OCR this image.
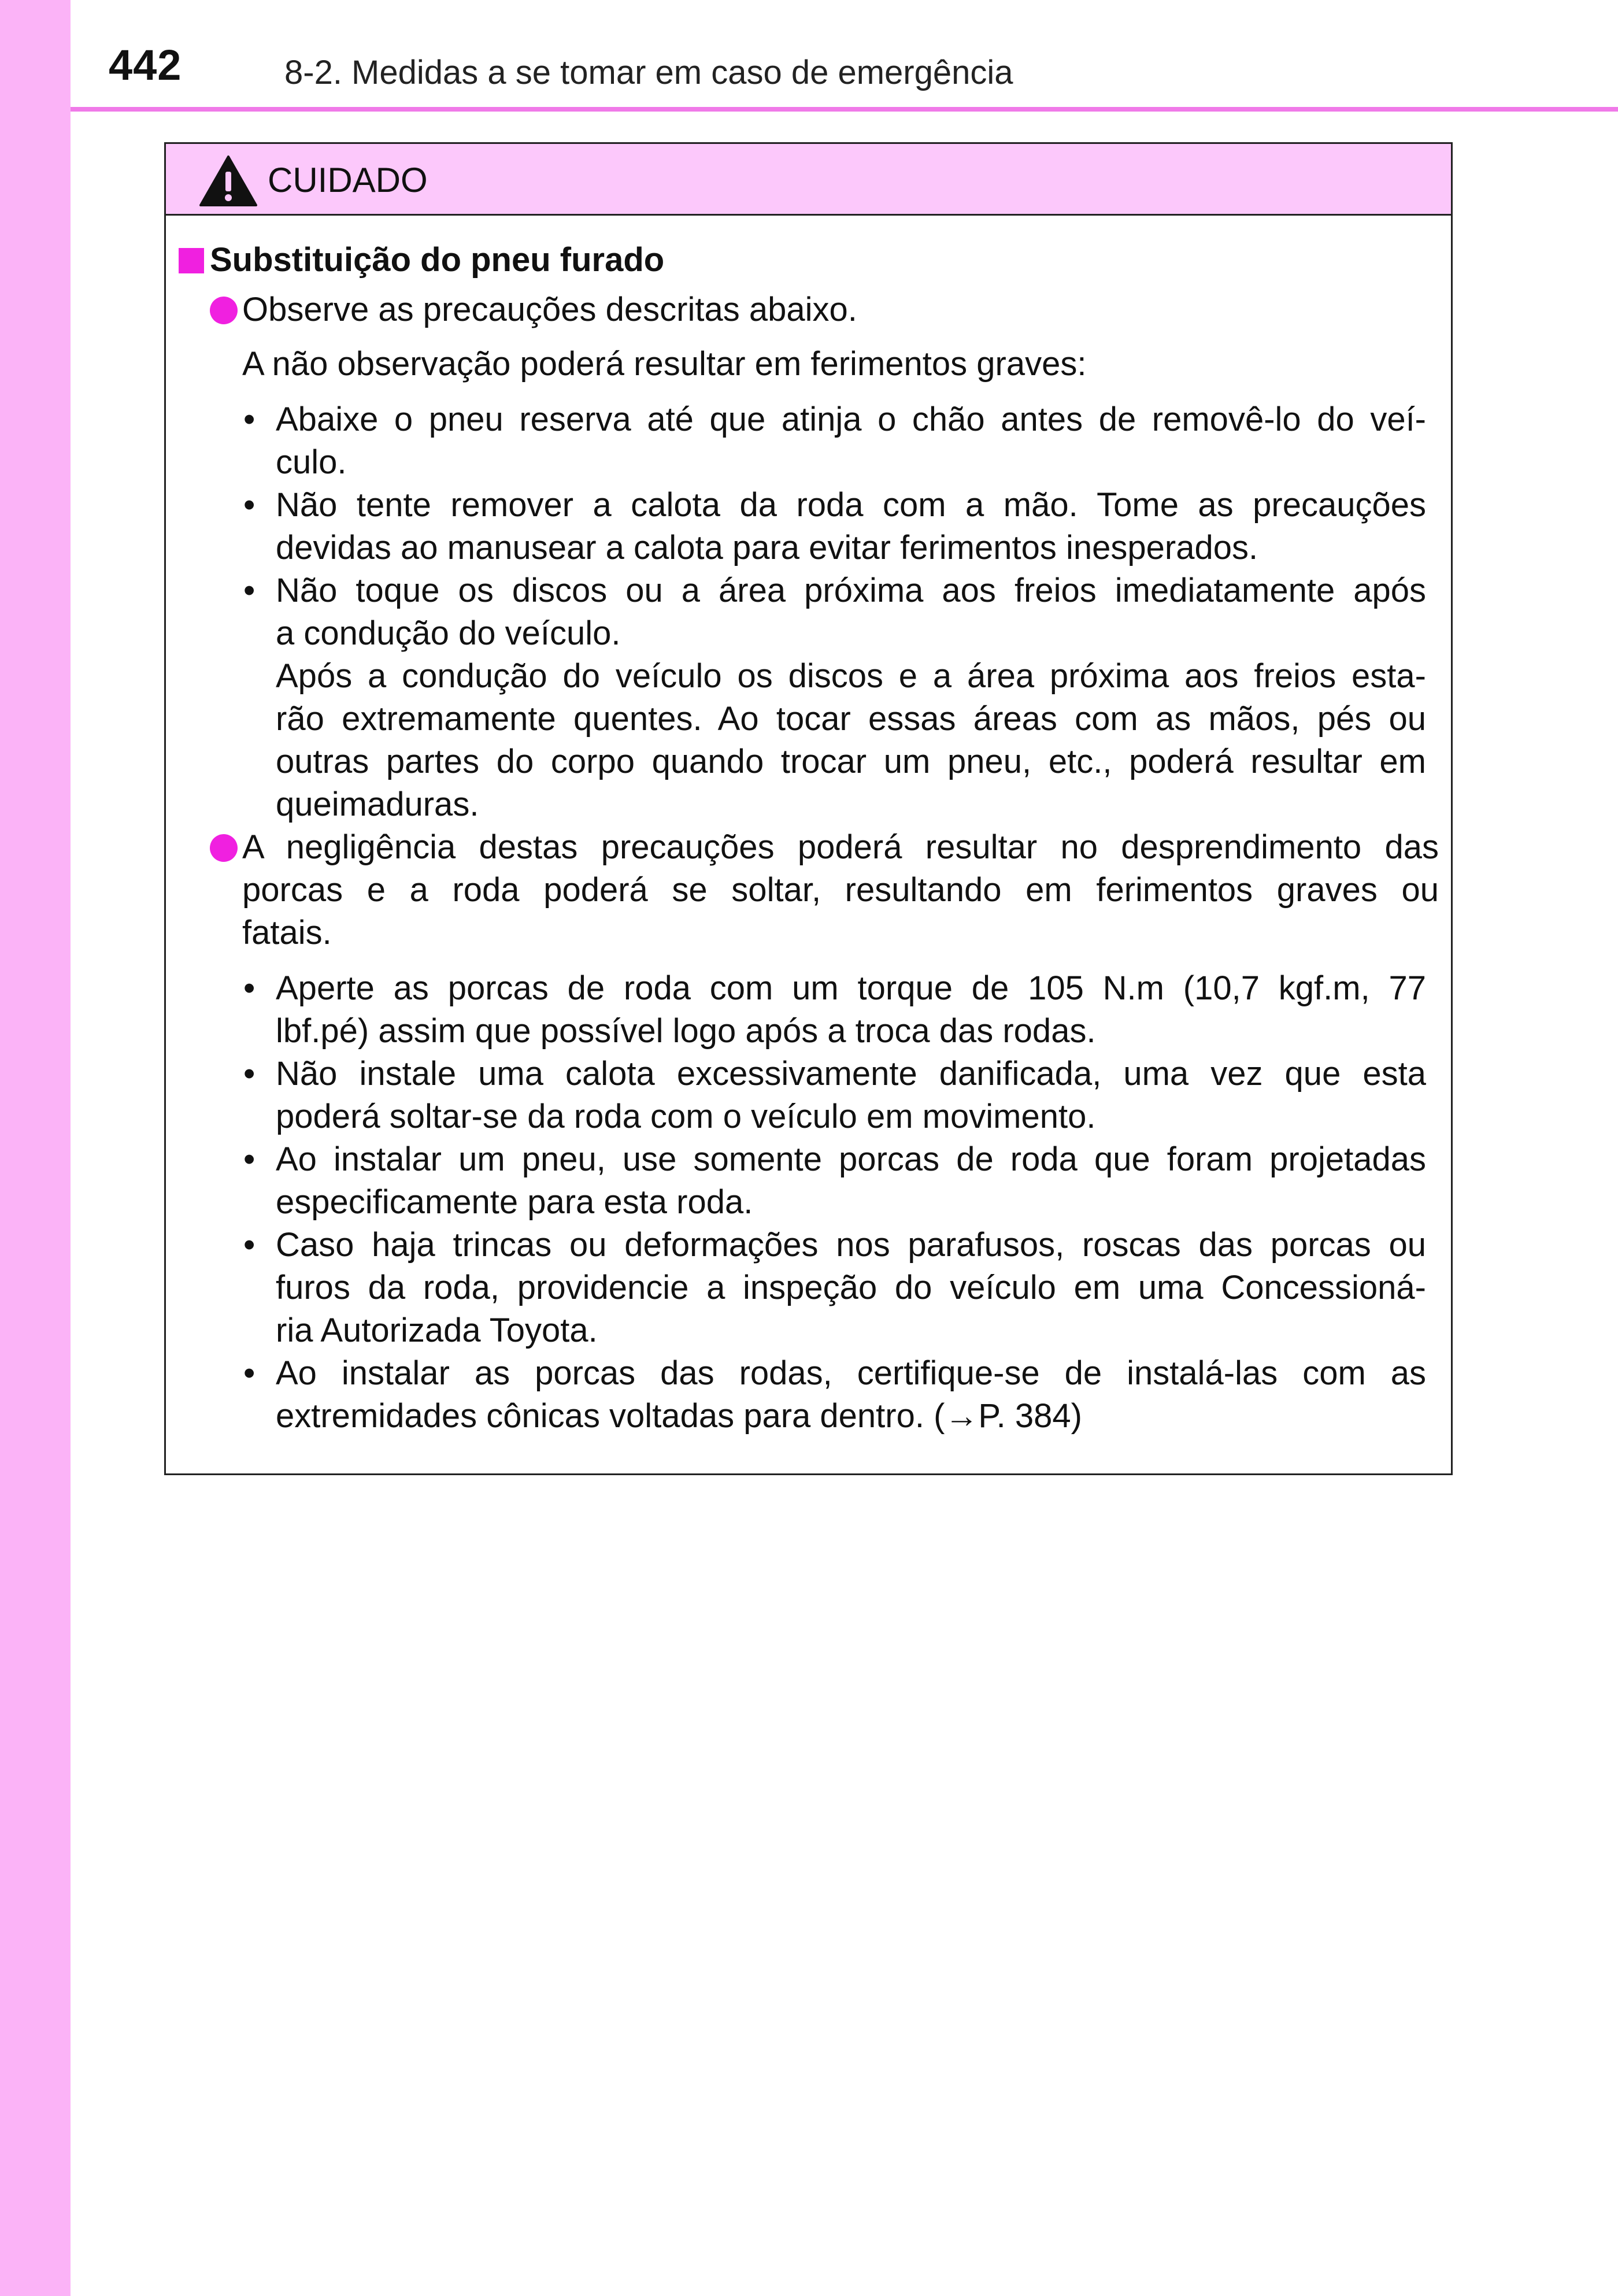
442	8-2. Medidas a se tomar em caso de emergência
CUIDADO
Substituição do pneu furado
Observe as precauções descritas abaixo.
A não observação poderá resultar em ferimentos graves:
• Abaixe o pneu reserva até que atinja o chão antes de removê-lo do veí-
culo.
• Não tente remover a calota da roda com a mão. Tome as precauções
devidas ao manusear a calota para evitar ferimentos inesperados.
• Não toque os discos ou a área próxima aos freios imediatamente após
a condução do veículo.
Após a condução do veículo os discos e a área próxima aos freios esta-
rão extremamente quentes. Ao tocar essas áreas com as mãos, pés ou
outras partes do corpo quando trocar um pneu, etc., poderá resultar em
queimaduras.
A negligência destas precauções poderá resultar no desprendimento das
porcas e a roda poderá se soltar, resultando em ferimentos graves ou
fatais.
• Aperte as porcas de roda com um torque de 105 N.m (10,7 kgf.m, 77
lbf.pé) assim que possível logo após a troca das rodas.
• Não instale uma calota excessivamente danificada, uma vez que esta
poderá soltar-se da roda com o veículo em movimento.
• Ao instalar um pneu, use somente porcas de roda que foram projetadas
especificamente para esta roda.
• Caso haja trincas ou deformações nos parafusos, roscas das porcas ou
furos da roda, providencie a inspeção do veículo em uma Concessioná-
ria Autorizada Toyota.
• Ao instalar as porcas das rodas, certifique-se de instalá-las com as
extremidades cônicas voltadas para dentro. (→P. 384)
